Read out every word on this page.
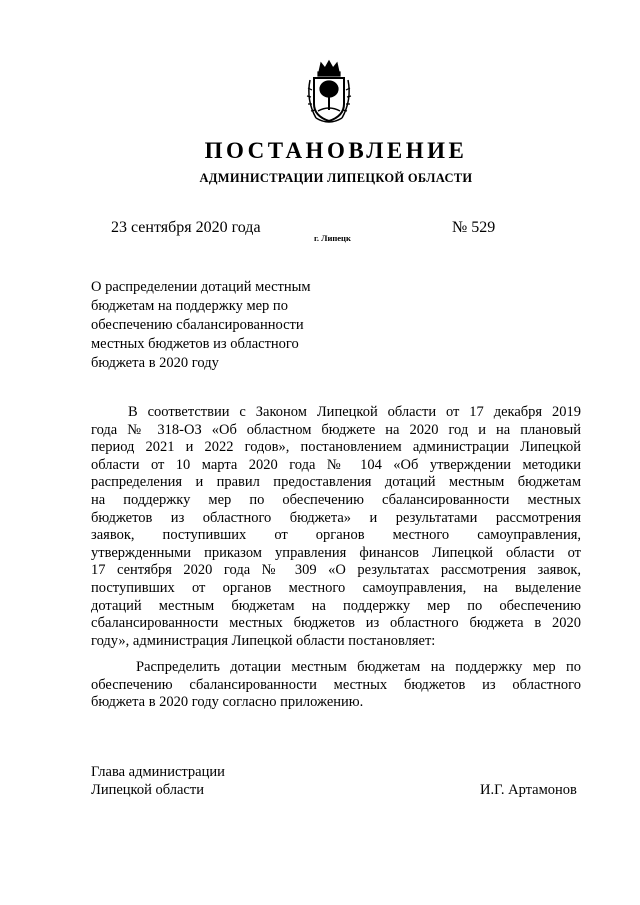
ПОСТАНОВЛЕНИЕ
АДМИНИСТРАЦИИ ЛИПЕЦКОЙ ОБЛАСТИ
23 сентября 2020 года
г. Липецк
№ 529

О распределении дотаций местным
бюджетам на поддержку мер по
обеспечению сбалансированности
местных бюджетов из областного
бюджета в 2020 году

В соответствии с Законом Липецкой области от 17 декабря 2019
года № 318-ОЗ «Об областном бюджете на 2020 год и на плановый
период 2021 и 2022 годов», постановлением администрации Липецкой
области от 10 марта 2020 года № 104 «Об утверждении методики
распределения и правил предоставления дотаций местным бюджетам
на поддержку мер по обеспечению сбалансированности местных
бюджетов из областного бюджета» и результатами рассмотрения
заявок, поступивших от органов местного самоуправления,
утвержденными приказом управления финансов Липецкой области от
17 сентября 2020 года № 309 «О результатах рассмотрения заявок,
поступивших от органов местного самоуправления, на выделение
дотаций местным бюджетам на поддержку мер по обеспечению
сбалансированности местных бюджетов из областного бюджета в 2020
году», администрация Липецкой области постановляет:

Распределить дотации местным бюджетам на поддержку мер по
обеспечению сбалансированности местных бюджетов из областного
бюджета в 2020 году согласно приложению.

Глава администрации
Липецкой области	И.Г. Артамонов
